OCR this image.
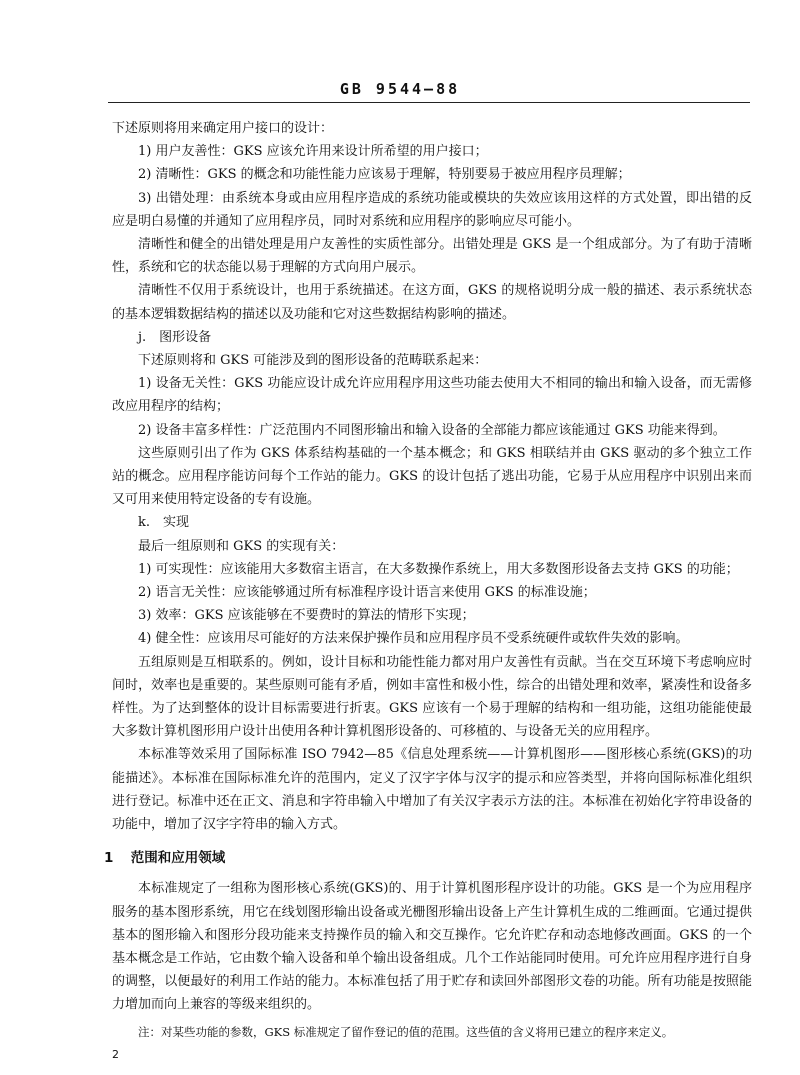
GB 9544—88

下述原则将用来确定用户接口的设计：

1) 用户友善性：GKS 应该允许用来设计所希望的用户接口；

2) 清晰性：GKS 的概念和功能性能力应该易于理解，特别要易于被应用程序员理解；

3) 出错处理：由系统本身或由应用程序造成的系统功能或模块的失效应该用这样的方式处置，即出错的反应是明白易懂的并通知了应用程序员，同时对系统和应用程序的影响应尽可能小。

清晰性和健全的出错处理是用户友善性的实质性部分。出错处理是 GKS 是一个组成部分。为了有助于清晰性，系统和它的状态能以易于理解的方式向用户展示。

清晰性不仅用于系统设计，也用于系统描述。在这方面，GKS 的规格说明分成一般的描述、表示系统状态的基本逻辑数据结构的描述以及功能和它对这些数据结构影响的描述。

j.　图形设备

下述原则将和 GKS 可能涉及到的图形设备的范畴联系起来：

1) 设备无关性：GKS 功能应设计成允许应用程序用这些功能去使用大不相同的输出和输入设备，而无需修改应用程序的结构；

2) 设备丰富多样性：广泛范围内不同图形输出和输入设备的全部能力都应该能通过 GKS 功能来得到。

这些原则引出了作为 GKS 体系结构基础的一个基本概念；和 GKS 相联结并由 GKS 驱动的多个独立工作站的概念。应用程序能访问每个工作站的能力。GKS 的设计包括了逃出功能，它易于从应用程序中识别出来而又可用来使用特定设备的专有设施。

k.　实现

最后一组原则和 GKS 的实现有关：

1) 可实现性：应该能用大多数宿主语言，在大多数操作系统上，用大多数图形设备去支持 GKS 的功能；

2) 语言无关性：应该能够通过所有标准程序设计语言来使用 GKS 的标准设施；

3) 效率：GKS 应该能够在不要费时的算法的情形下实现；

4) 健全性：应该用尽可能好的方法来保护操作员和应用程序员不受系统硬件或软件失效的影响。

五组原则是互相联系的。例如，设计目标和功能性能力都对用户友善性有贡献。当在交互环境下考虑响应时间时，效率也是重要的。某些原则可能有矛盾，例如丰富性和极小性，综合的出错处理和效率，紧凑性和设备多样性。为了达到整体的设计目标需要进行折衷。GKS 应该有一个易于理解的结构和一组功能，这组功能能使最大多数计算机图形用户设计出使用各种计算机图形设备的、可移植的、与设备无关的应用程序。

本标准等效采用了国际标准 ISO 7942—85《信息处理系统——计算机图形——图形核心系统(GKS)的功能描述》。本标准在国际标准允许的范围内，定义了汉字字体与汉字的提示和应答类型，并将向国际标准化组织进行登记。标准中还在正文、消息和字符串输入中增加了有关汉字表示方法的注。本标准在初始化字符串设备的功能中，增加了汉字字符串的输入方式。

1 范围和应用领域

本标准规定了一组称为图形核心系统(GKS)的、用于计算机图形程序设计的功能。GKS 是一个为应用程序服务的基本图形系统，用它在线划图形输出设备或光栅图形输出设备上产生计算机生成的二维画面。它通过提供基本的图形输入和图形分段功能来支持操作员的输入和交互操作。它允许贮存和动态地修改画面。GKS 的一个基本概念是工作站，它由数个输入设备和单个输出设备组成。几个工作站能同时使用。可允许应用程序进行自身的调整，以便最好的利用工作站的能力。本标准包括了用于贮存和读回外部图形文卷的功能。所有功能是按照能力增加而向上兼容的等级来组织的。

注：对某些功能的参数，GKS 标准规定了留作登记的值的范围。这些值的含义将用已建立的程序来定义。

2
